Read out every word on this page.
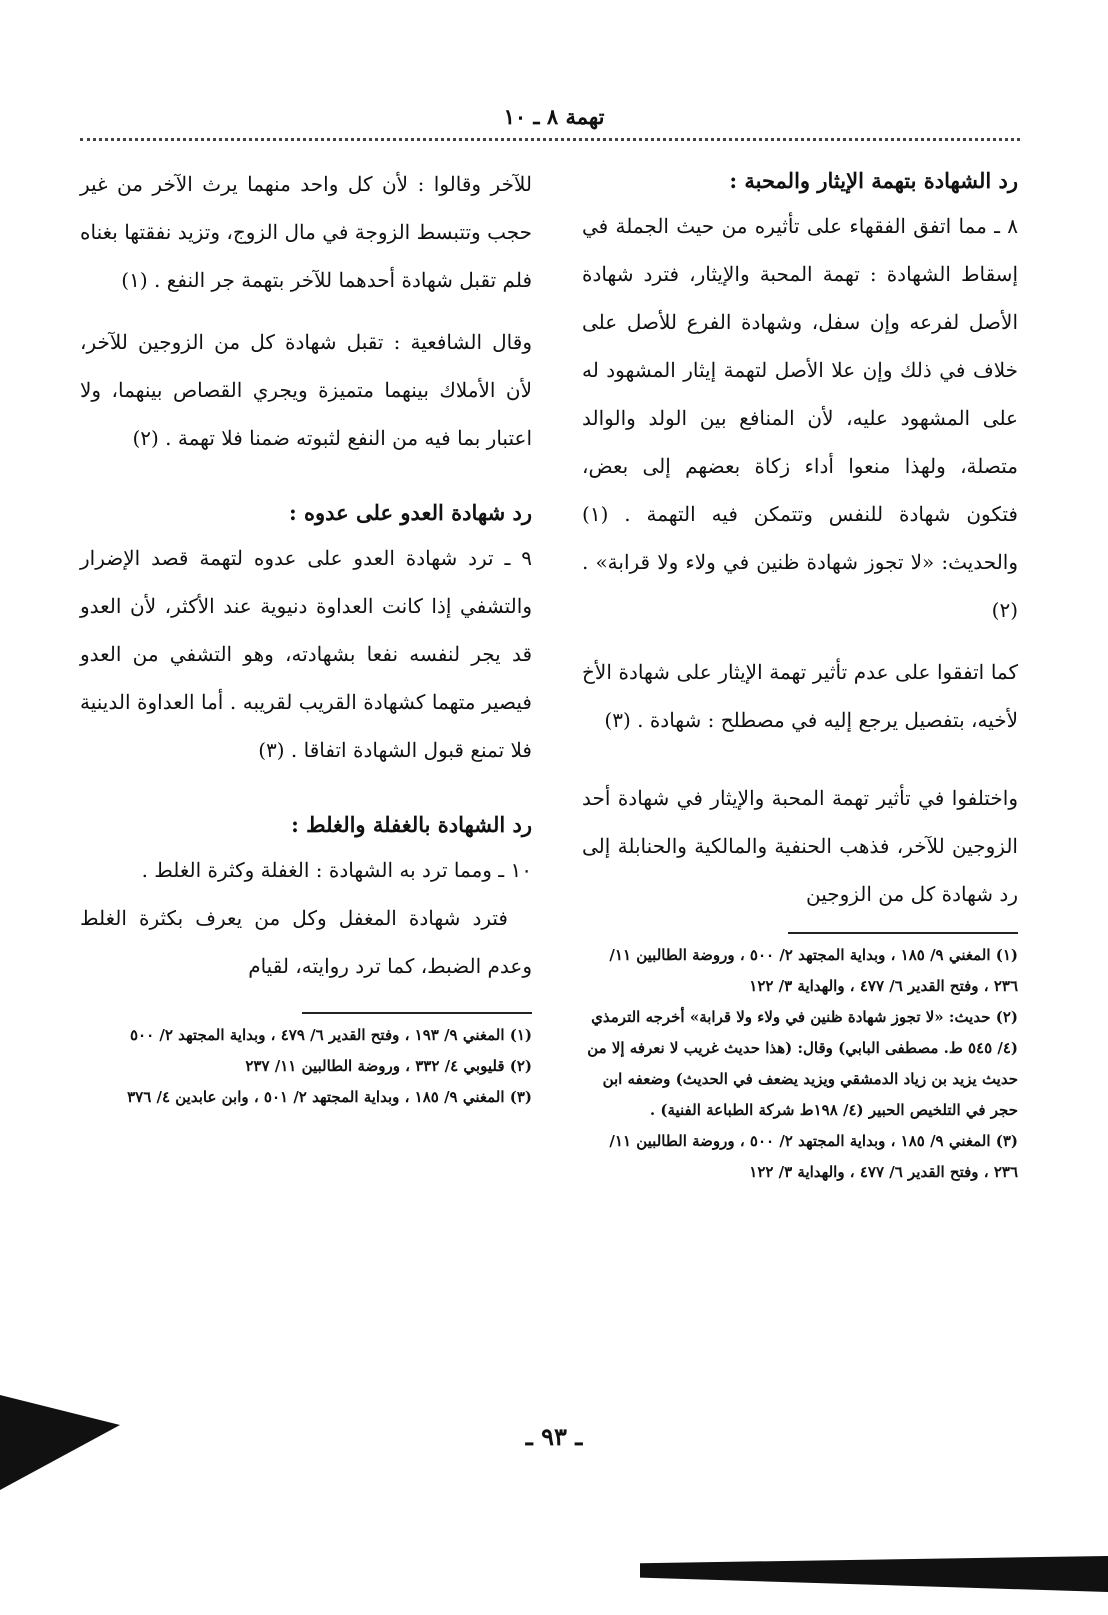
تهمة ٨ ـ ١٠

رد الشهادة بتهمة الإيثار والمحبة :

٨ ـ مما اتفق الفقهاء على تأثيره من حيث الجملة في إسقاط الشهادة : تهمة المحبة والإيثار، فترد شهادة الأصل لفرعه وإن سفل، وشهادة الفرع للأصل على خلاف في ذلك وإن علا الأصل لتهمة إيثار المشهود له على المشهود عليه، لأن المنافع بين الولد والوالد متصلة، ولهذا منعوا أداء زكاة بعضهم إلى بعض، فتكون شهادة للنفس وتتمكن فيه التهمة . (١) والحديث: «لا تجوز شهادة ظنين في ولاء ولا قرابة» . (٢)

كما اتفقوا على عدم تأثير تهمة الإيثار على شهادة الأخ لأخيه، بتفصيل يرجع إليه في مصطلح : شهادة . (٣)

واختلفوا في تأثير تهمة المحبة والإيثار في شهادة أحد الزوجين للآخر، فذهب الحنفية والمالكية والحنابلة إلى رد شهادة كل من الزوجين

(١) المغني ٩/ ١٨٥ ، وبداية المجتهد ٢/ ٥٠٠ ، وروضة الطالبين ١١/ ٢٣٦ ، وفتح القدير ٦/ ٤٧٧ ، والهداية ٣/ ١٢٢

(٢) حديث: «لا تجوز شهادة ظنين في ولاء ولا قرابة» أخرجه الترمذي (٤/ ٥٤٥ ط. مصطفى البابي) وقال: (هذا حديث غريب لا نعرفه إلا من حديث يزيد بن زياد الدمشقي ويزيد يضعف في الحديث) وضعفه ابن حجر في التلخيص الحبير (٤/ ١٩٨ط شركة الطباعة الفنية) .

(٣) المغني ٩/ ١٨٥ ، وبداية المجتهد ٢/ ٥٠٠ ، وروضة الطالبين ١١/ ٢٣٦ ، وفتح القدير ٦/ ٤٧٧ ، والهداية ٣/ ١٢٢

للآخر وقالوا : لأن كل واحد منهما يرث الآخر من غير حجب وتتبسط الزوجة في مال الزوج، وتزيد نفقتها بغناه فلم تقبل شهادة أحدهما للآخر بتهمة جر النفع . (١)

وقال الشافعية : تقبل شهادة كل من الزوجين للآخر، لأن الأملاك بينهما متميزة ويجري القصاص بينهما، ولا اعتبار بما فيه من النفع لثبوته ضمنا فلا تهمة . (٢)

رد شهادة العدو على عدوه :

٩ ـ ترد شهادة العدو على عدوه لتهمة قصد الإضرار والتشفي إذا كانت العداوة دنيوية عند الأكثر، لأن العدو قد يجر لنفسه نفعا بشهادته، وهو التشفي من العدو فيصير متهما كشهادة القريب لقريبه . أما العداوة الدينية فلا تمنع قبول الشهادة اتفاقا . (٣)

رد الشهادة بالغفلة والغلط :

١٠ ـ ومما ترد به الشهادة : الغفلة وكثرة الغلط .

فترد شهادة المغفل وكل من يعرف بكثرة الغلط وعدم الضبط، كما ترد روايته، لقيام

(١) المغني ٩/ ١٩٣ ، وفتح القدير ٦/ ٤٧٩ ، وبداية المجتهد ٢/ ٥٠٠

(٢) قليوبي ٤/ ٣٣٢ ، وروضة الطالبين ١١/ ٢٣٧

(٣) المغني ٩/ ١٨٥ ، وبداية المجتهد ٢/ ٥٠١ ، وابن عابدين ٤/ ٣٧٦

ـ ٩٣ ـ
